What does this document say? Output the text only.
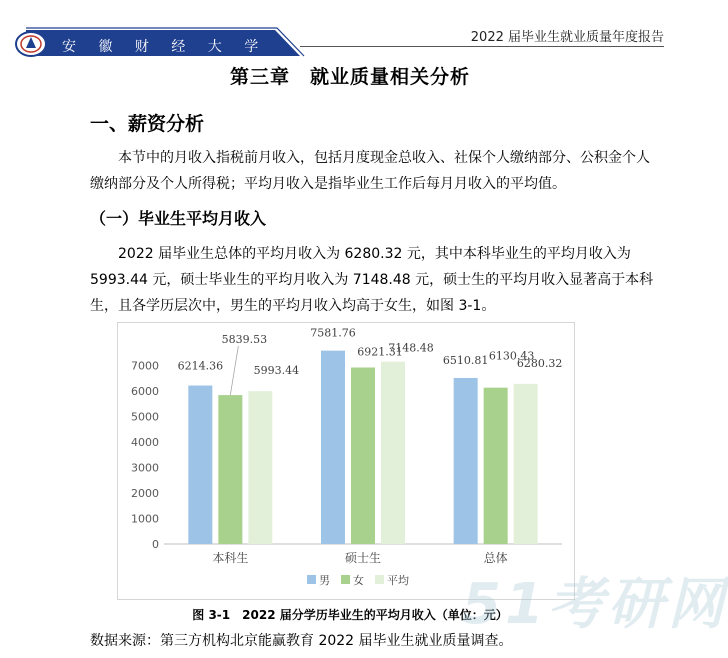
安 徽 财 经 大 学
2022 届毕业生就业质量年度报告
第三章　就业质量相关分析
一、薪资分析
本节中的月收入指税前月收入，包括月度现金总收入、社保个人缴纳部分、公积金个人
缴纳部分及个人所得税；平均月收入是指毕业生工作后每月月收入的平均值。
（一）毕业生平均月收入
2022 届毕业生总体的平均月收入为 6280.32 元，其中本科毕业生的平均月收入为
5993.44 元，硕士毕业生的平均月收入为 7148.48 元，硕士生的平均月收入显著高于本科
生，且各学历层次中，男生的平均月收入均高于女生，如图 3-1。
0
1000
2000
3000
4000
5000
6000
7000 6214.36
5839.53
5993.44
本科生
7581.76
6921.31
7148.48
硕士生
6510.81 6130.43
6280.32
总体
男 女 平均
图 3-1　2022 届分学历毕业生的平均月收入（单位：元）
数据来源：第三方机构北京能赢教育 2022 届毕业生就业质量调查。
51考研网
